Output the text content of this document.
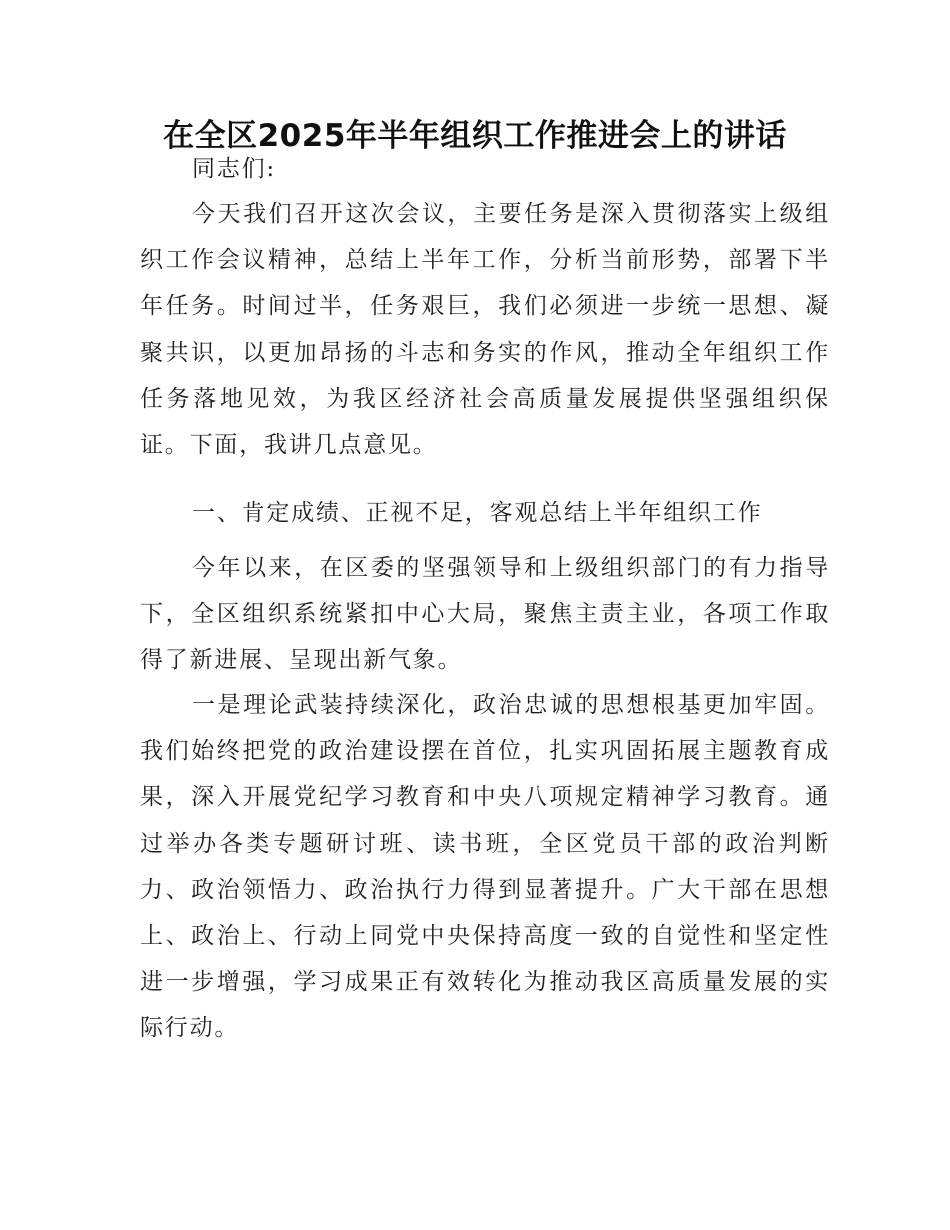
在全区2025年半年组织工作推进会上的讲话

同志们:

今天我们召开这次会议，主要任务是深入贯彻落实上级组织工作会议精神，总结上半年工作，分析当前形势，部署下半年任务。时间过半，任务艰巨，我们必须进一步统一思想、凝聚共识，以更加昂扬的斗志和务实的作风，推动全年组织工作任务落地见效，为我区经济社会高质量发展提供坚强组织保证。下面，我讲几点意见。

一、肯定成绩、正视不足，客观总结上半年组织工作

今年以来，在区委的坚强领导和上级组织部门的有力指导下，全区组织系统紧扣中心大局，聚焦主责主业，各项工作取得了新进展、呈现出新气象。

一是理论武装持续深化，政治忠诚的思想根基更加牢固。我们始终把党的政治建设摆在首位，扎实巩固拓展主题教育成果，深入开展党纪学习教育和中央八项规定精神学习教育。通过举办各类专题研讨班、读书班，全区党员干部的政治判断力、政治领悟力、政治执行力得到显著提升。广大干部在思想上、政治上、行动上同党中央保持高度一致的自觉性和坚定性进一步增强，学习成果正有效转化为推动我区高质量发展的实际行动。
